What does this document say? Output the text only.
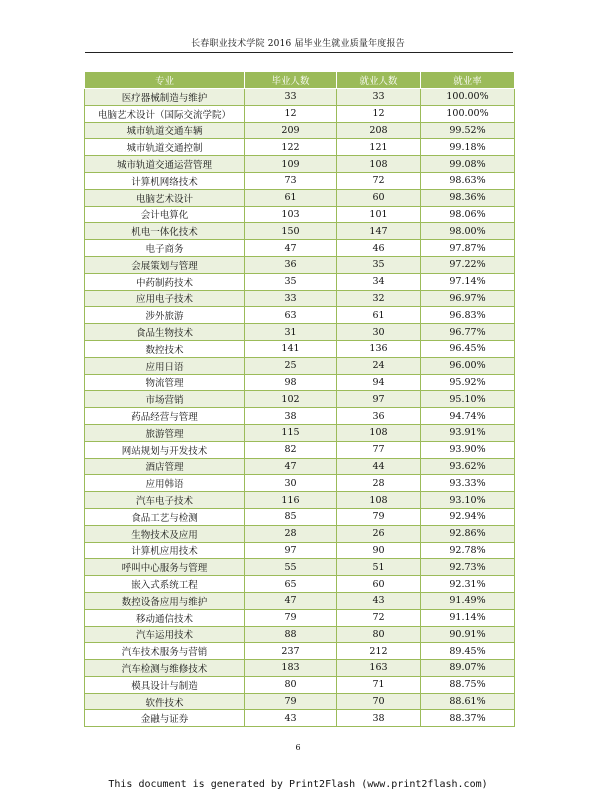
长春职业技术学院 2016 届毕业生就业质量年度报告
专业	毕业人数	就业人数	就业率
医疗器械制造与维护	33	33	100.00%
电脑艺术设计（国际交流学院）	12	12	100.00%
城市轨道交通车辆	209	208	99.52%
城市轨道交通控制	122	121	99.18%
城市轨道交通运营管理	109	108	99.08%
计算机网络技术	73	72	98.63%
电脑艺术设计	61	60	98.36%
会计电算化	103	101	98.06%
机电一体化技术	150	147	98.00%
电子商务	47	46	97.87%
会展策划与管理	36	35	97.22%
中药制药技术	35	34	97.14%
应用电子技术	33	32	96.97%
涉外旅游	63	61	96.83%
食品生物技术	31	30	96.77%
数控技术	141	136	96.45%
应用日语	25	24	96.00%
物流管理	98	94	95.92%
市场营销	102	97	95.10%
药品经营与管理	38	36	94.74%
旅游管理	115	108	93.91%
网站规划与开发技术	82	77	93.90%
酒店管理	47	44	93.62%
应用韩语	30	28	93.33%
汽车电子技术	116	108	93.10%
食品工艺与检测	85	79	92.94%
生物技术及应用	28	26	92.86%
计算机应用技术	97	90	92.78%
呼叫中心服务与管理	55	51	92.73%
嵌入式系统工程	65	60	92.31%
数控设备应用与维护	47	43	91.49%
移动通信技术	79	72	91.14%
汽车运用技术	88	80	90.91%
汽车技术服务与营销	237	212	89.45%
汽车检测与维修技术	183	163	89.07%
模具设计与制造	80	71	88.75%
软件技术	79	70	88.61%
金融与证券	43	38	88.37%
6
This document is generated by Print2Flash (www.print2flash.com)
